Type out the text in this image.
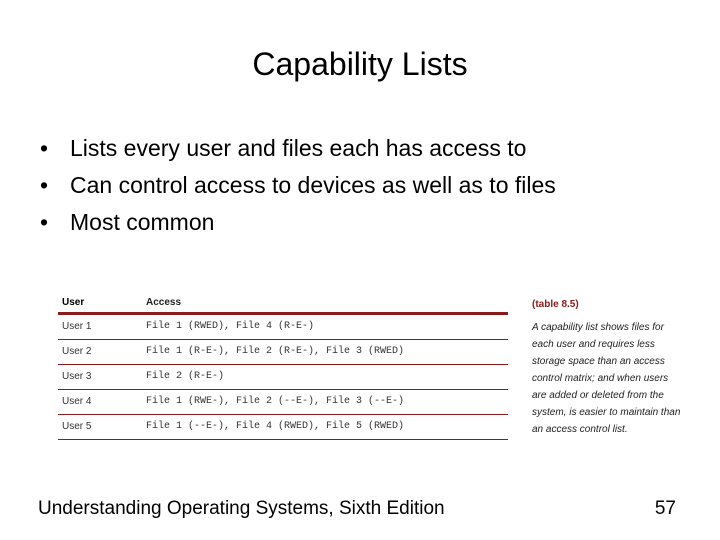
Capability Lists
• Lists every user and files each has access to
• Can control access to devices as well as to files
• Most common
User	Access
User 1	File 1 (RWED), File 4 (R-E-)
User 2	File 1 (R-E-), File 2 (R-E-), File 3 (RWED)
User 3	File 2 (R-E-)
User 4	File 1 (RWE-), File 2 (--E-), File 3 (--E-)
User 5	File 1 (--E-), File 4 (RWED), File 5 (RWED)
(table 8.5)
A capability list shows files for each user and requires less storage space than an access control matrix; and when users are added or deleted from the system, is easier to maintain than an access control list.
Understanding Operating Systems, Sixth Edition	57
